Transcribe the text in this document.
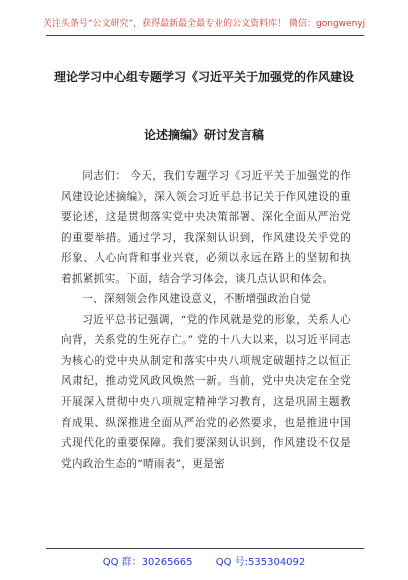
关注头条号“公文研究”，获得最新最全最专业的公文资料库！ 微信：gongwenyj
理论学习中心组专题学习《习近平关于加强党的作风建设
论述摘编》研讨发言稿

同志们： 今天，我们专题学习《习近平关于加强党的作风建设论述摘编》，深入领会习近平总书记关于作风建设的重要论述，这是贯彻落实党中央决策部署、深化全面从严治党的重要举措。通过学习，我深刻认识到，作风建设关乎党的形象、人心向背和事业兴衰，必须以永远在路上的坚韧和执着抓紧抓实。下面，结合学习体会，谈几点认识和体会。

一、深刻领会作风建设意义，不断增强政治自觉

习近平总书记强调，“党的作风就是党的形象，关系人心向背，关系党的生死存亡。” 党的十八大以来，以习近平同志为核心的党中央从制定和落实中央八项规定破题持之以恒正风肃纪，推动党风政风焕然一新。当前，党中央决定在全党开展深入贯彻中央八项规定精神学习教育，这是巩固主题教育成果、纵深推进全面从严治党的必然要求，也是推进中国式现代化的重要保障。我们要深刻认识到，作风建设不仅是党内政治生态的“晴雨表”，更是密

QQ 群：30265665 QQ 号:535304092
